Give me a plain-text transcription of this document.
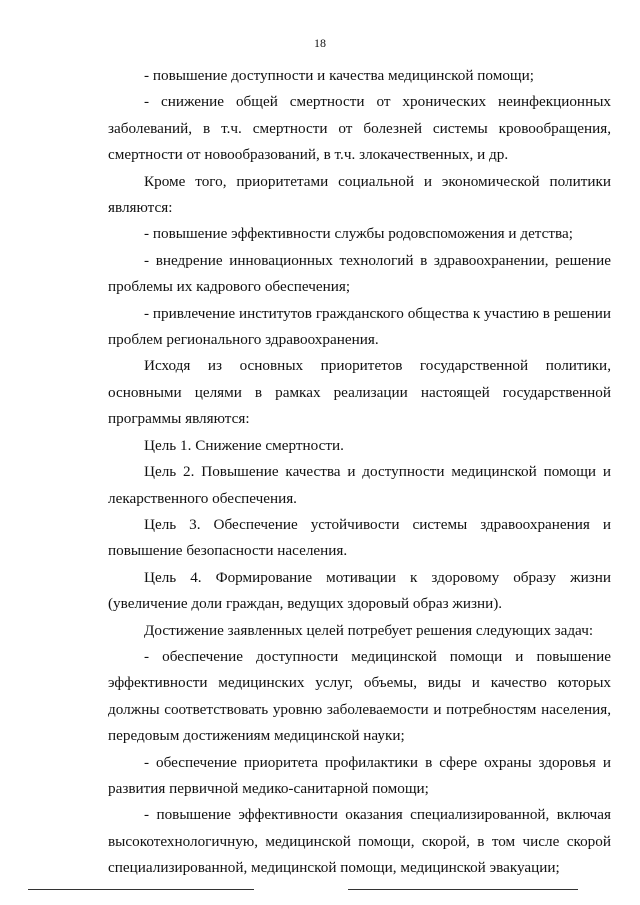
18

- повышение доступности и качества медицинской помощи;

- снижение общей смертности от хронических неинфекционных заболеваний, в т.ч. смертности от болезней системы кровообращения, смертности от новообразований, в т.ч. злокачественных, и др.

Кроме того, приоритетами социальной и экономической политики являются:

- повышение эффективности службы родовспоможения и детства;

- внедрение инновационных технологий в здравоохранении, решение проблемы их кадрового обеспечения;

- привлечение институтов гражданского общества к участию в решении проблем регионального здравоохранения.

Исходя из основных приоритетов государственной политики, основными целями в рамках реализации настоящей государственной программы являются:

Цель 1. Снижение смертности.

Цель 2. Повышение качества и доступности медицинской помощи и лекарственного обеспечения.

Цель 3. Обеспечение устойчивости системы здравоохранения и повышение безопасности населения.

Цель 4. Формирование мотивации к здоровому образу жизни (увеличение доли граждан, ведущих здоровый образ жизни).

Достижение заявленных целей потребует решения следующих задач:

- обеспечение доступности медицинской помощи и повышение эффективности медицинских услуг, объемы, виды и качество которых должны соответствовать уровню заболеваемости и потребностям населения, передовым достижениям медицинской науки;

- обеспечение приоритета профилактики в сфере охраны здоровья и развития первичной медико-санитарной помощи;

- повышение эффективности оказания специализированной, включая высокотехнологичную, медицинской помощи, скорой, в том числе скорой специализированной, медицинской помощи, медицинской эвакуации;
